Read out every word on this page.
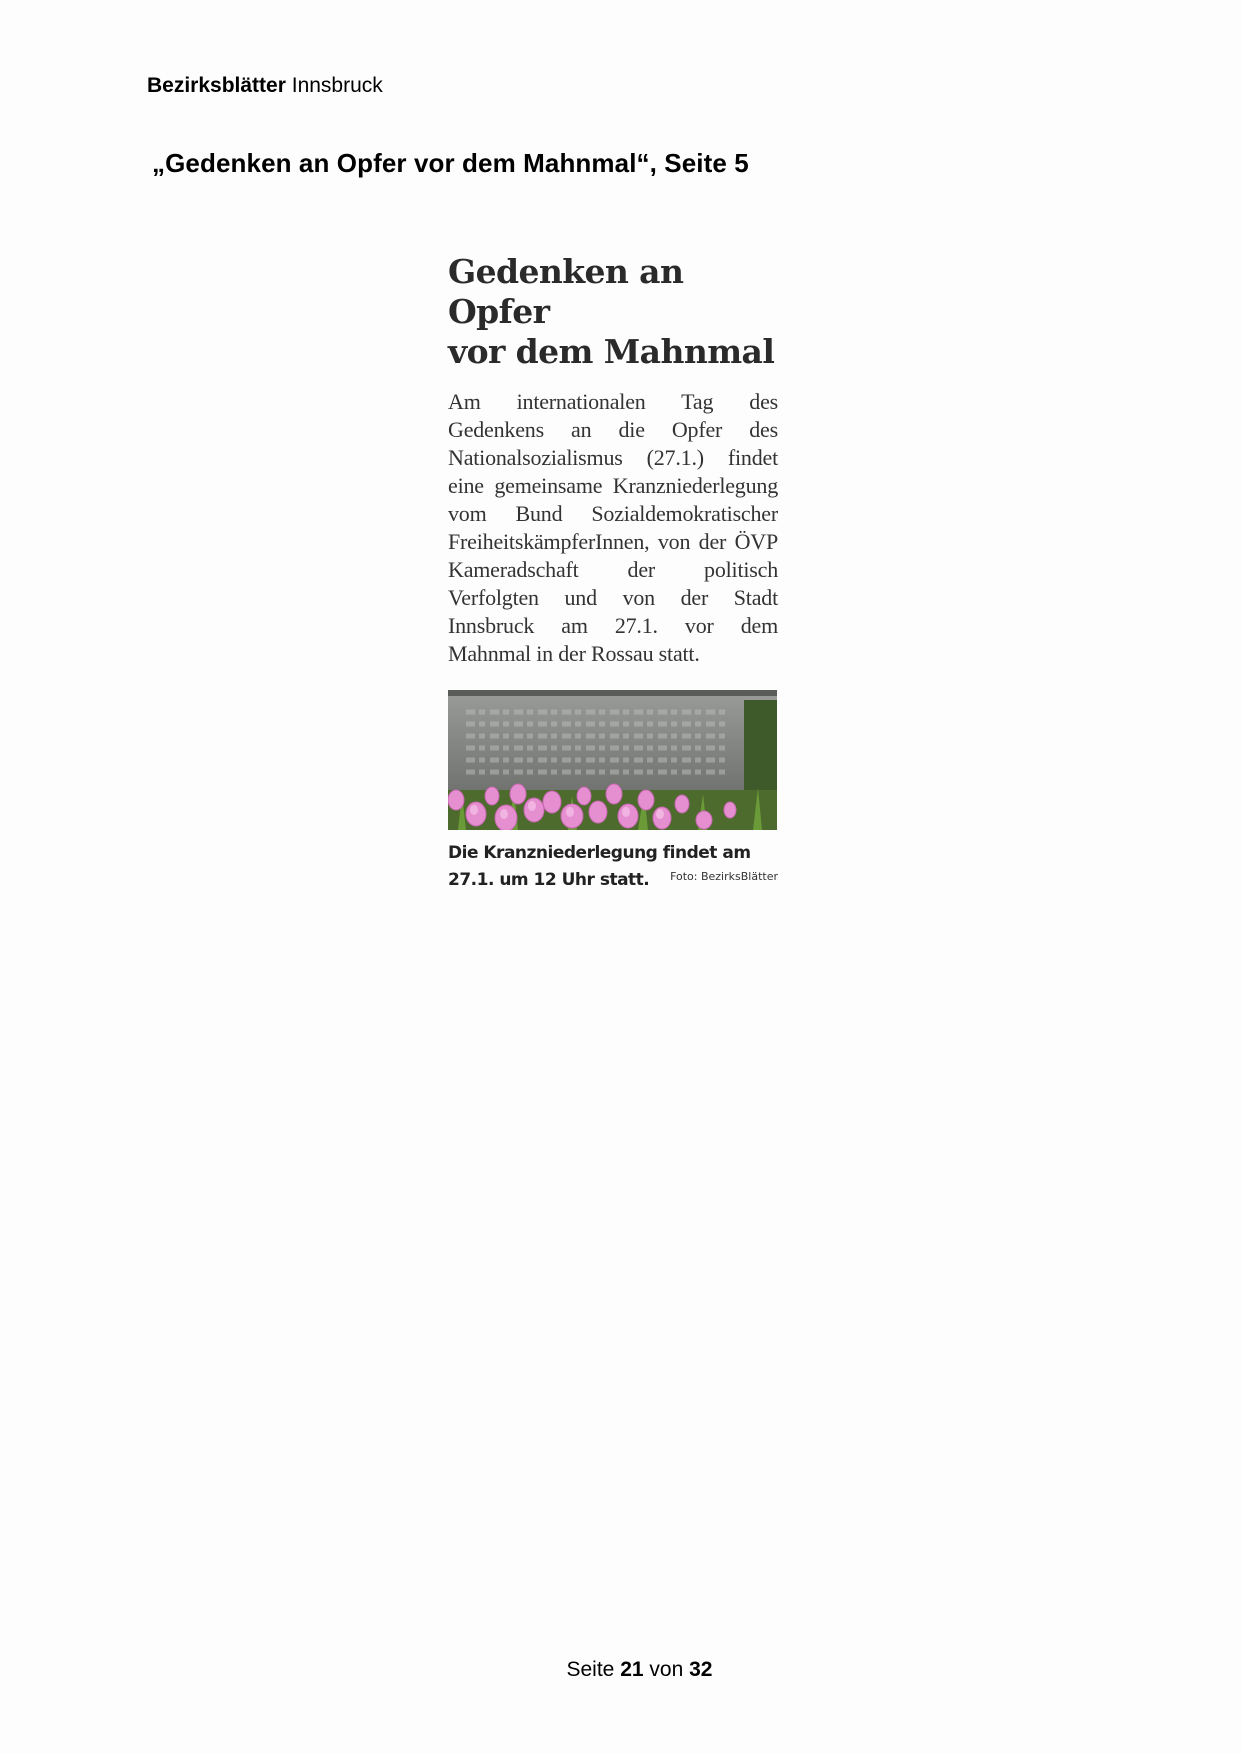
Bezirksblätter Innsbruck
„Gedenken an Opfer vor dem Mahnmal“, Seite 5
Gedenken an Opfer
vor dem Mahnmal
Am internationalen Tag des Gedenkens an die Opfer des Nationalsozialismus (27.1.) findet eine gemeinsame Kranzniederlegung vom Bund Sozialdemokratischer FreiheitskämpferInnen, von der ÖVP Kameradschaft der politisch Verfolgten und von der Stadt Innsbruck am 27.1. vor dem Mahnmal in der Rossau statt.
Die Kranzniederlegung findet am
27.1. um 12 Uhr statt. Foto: BezirksBlätter
Seite 21 von 32
